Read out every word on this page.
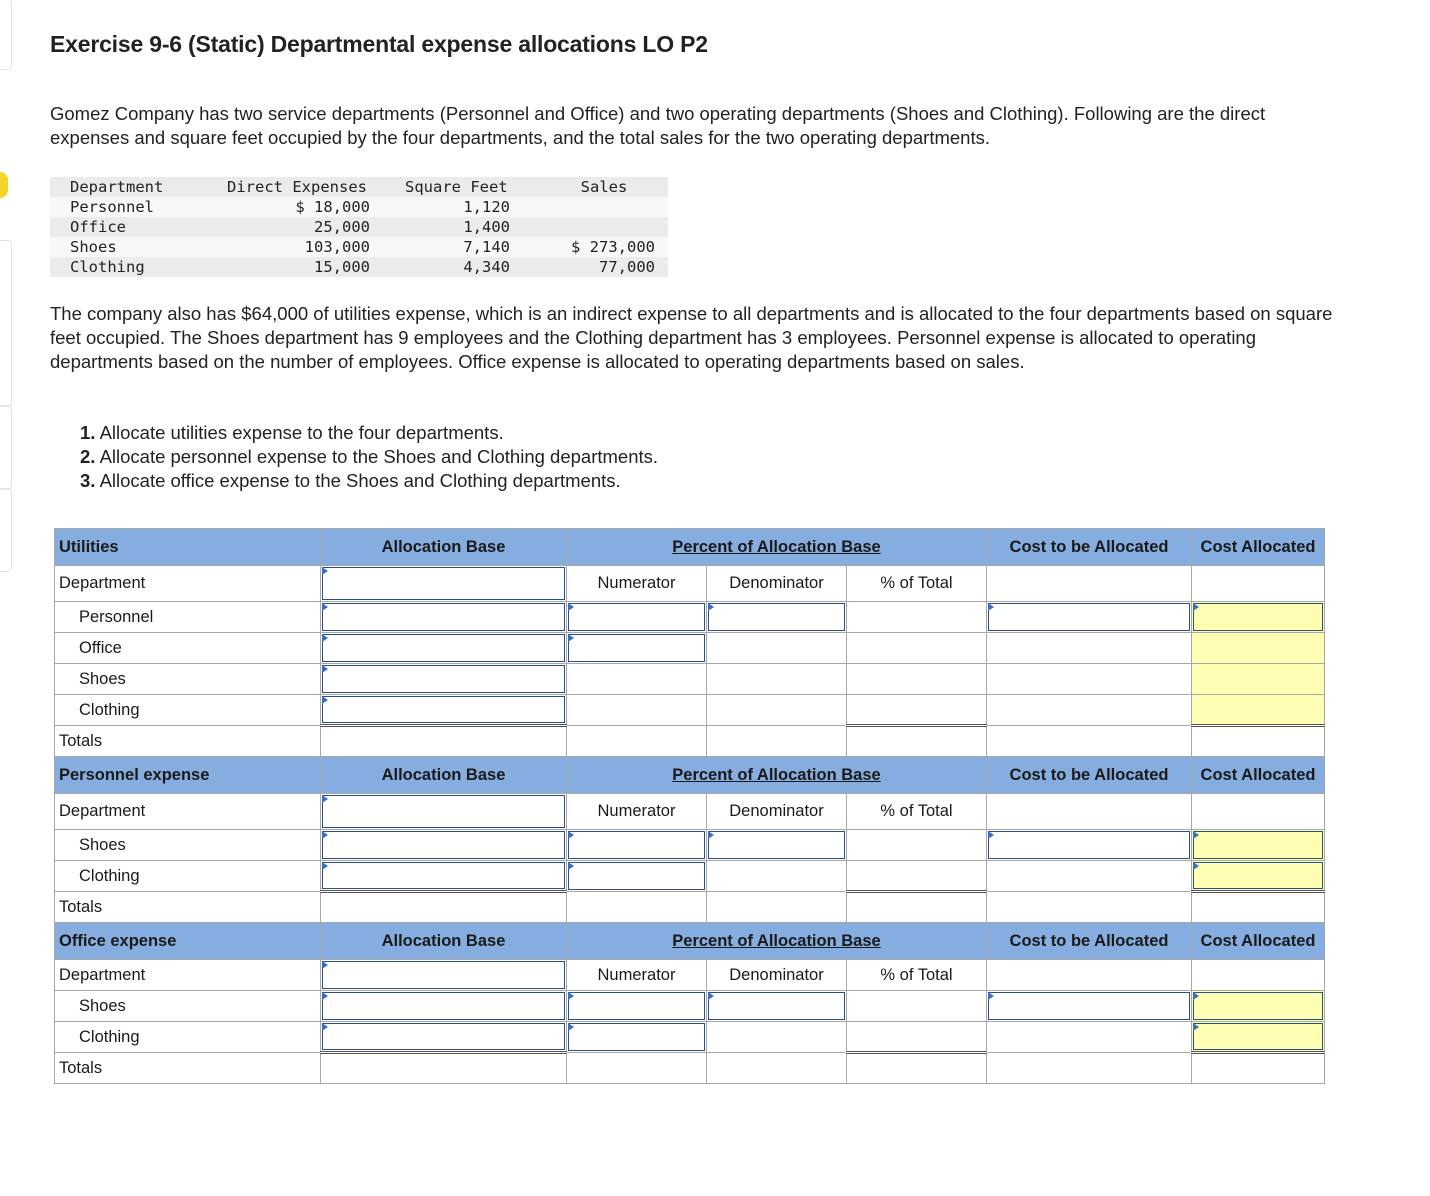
Exercise 9-6 (Static) Departmental expense allocations LO P2

Gomez Company has two service departments (Personnel and Office) and two operating departments (Shoes and Clothing). Following are the direct expenses and square feet occupied by the four departments, and the total sales for the two operating departments.

Department	Direct Expenses	Square Feet	Sales
Personnel	$ 18,000	1,120	
Office	25,000	1,400	
Shoes	103,000	7,140	$ 273,000
Clothing	15,000	4,340	77,000

The company also has $64,000 of utilities expense, which is an indirect expense to all departments and is allocated to the four departments based on square feet occupied. The Shoes department has 9 employees and the Clothing department has 3 employees. Personnel expense is allocated to operating departments based on the number of employees. Office expense is allocated to operating departments based on sales.

1. Allocate utilities expense to the four departments.
2. Allocate personnel expense to the Shoes and Clothing departments.
3. Allocate office expense to the Shoes and Clothing departments.
Utilities	Allocation Base	Percent of Allocation Base			Cost to be Allocated	Cost Allocated
Department		Numerator	Denominator	% of Total		
Personnel	

Office	

Shoes	

Clothing	

Totals						
Personnel expense	Allocation Base	Percent of Allocation Base			Cost to be Allocated	Cost Allocated
Department		Numerator	Denominator	% of Total		
Shoes	

Clothing	

Totals						
Office expense	Allocation Base	Percent of Allocation Base			Cost to be Allocated	Cost Allocated
Department		Numerator	Denominator	% of Total		
Shoes	

Clothing	

Totals						
